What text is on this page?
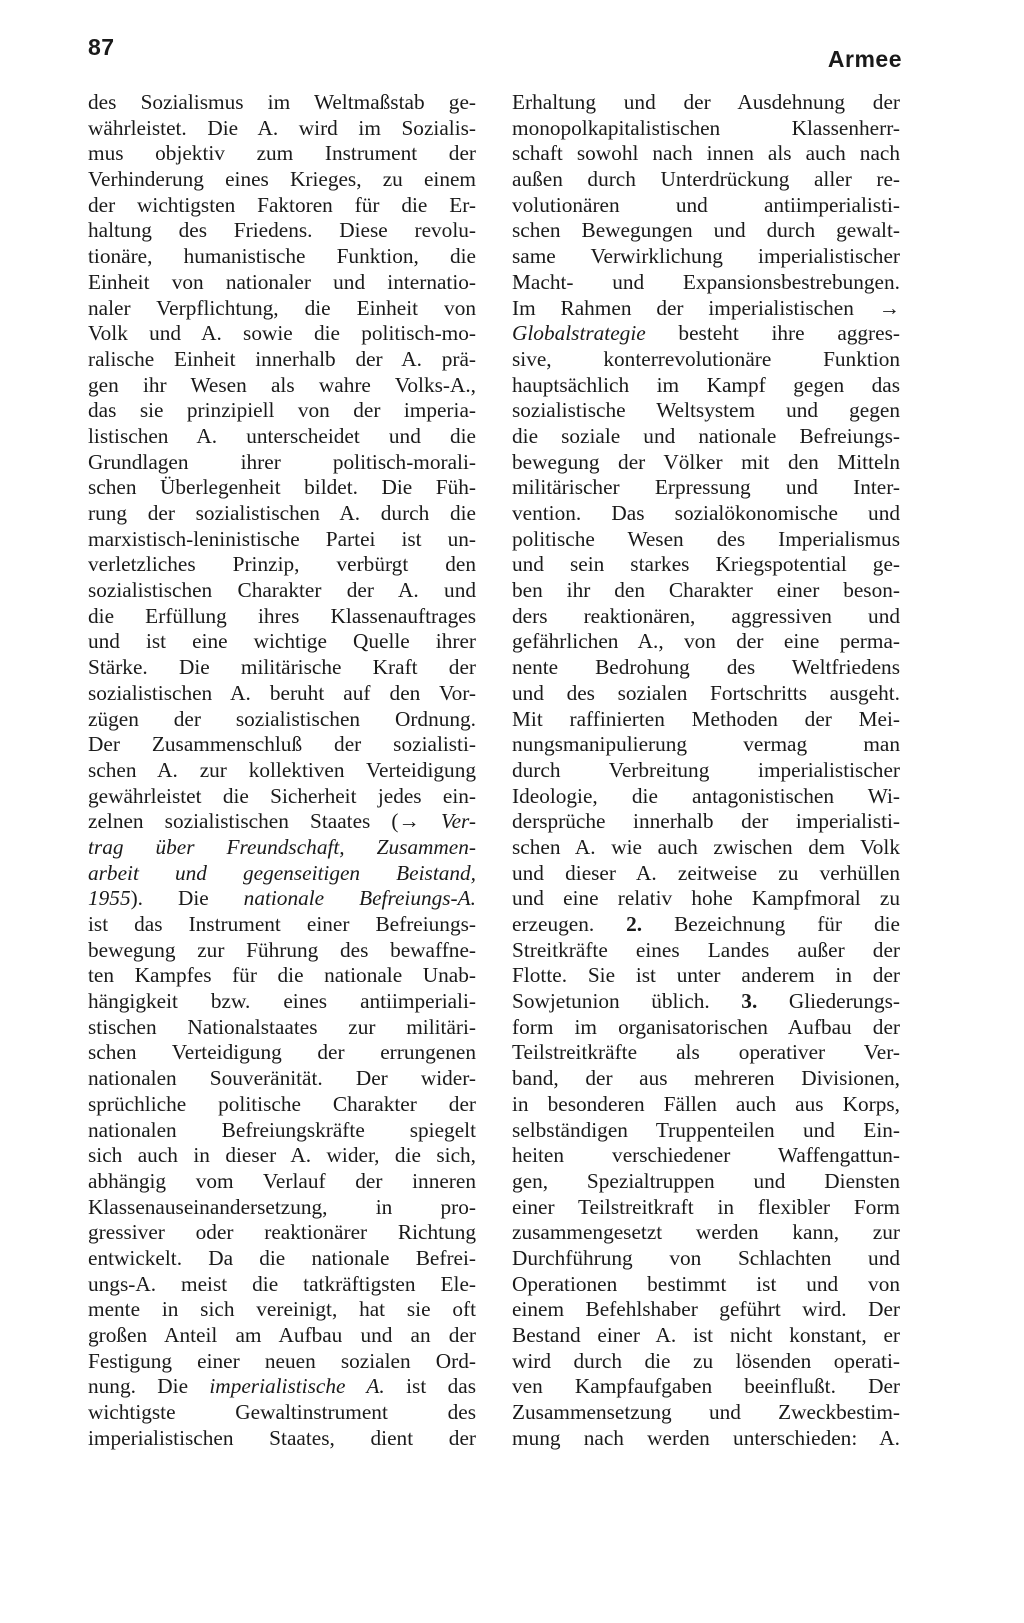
87	Armee
des Sozialismus im Weltmaßstab ge-
währleistet. Die A. wird im Sozialis-
mus objektiv zum Instrument der
Verhinderung eines Krieges, zu einem
der wichtigsten Faktoren für die Er-
haltung des Friedens. Diese revolu-
tionäre, humanistische Funktion, die
Einheit von nationaler und internatio-
naler Verpflichtung, die Einheit von
Volk und A. sowie die politisch-mo-
ralische Einheit innerhalb der A. prä-
gen ihr Wesen als wahre Volks-A.,
das sie prinzipiell von der imperia-
listischen A. unterscheidet und die
Grundlagen ihrer politisch-morali-
schen Überlegenheit bildet. Die Füh-
rung der sozialistischen A. durch die
marxistisch-leninistische Partei ist un-
verletzliches Prinzip, verbürgt den
sozialistischen Charakter der A. und
die Erfüllung ihres Klassenauftrages
und ist eine wichtige Quelle ihrer
Stärke. Die militärische Kraft der
sozialistischen A. beruht auf den Vor-
zügen der sozialistischen Ordnung.
Der Zusammenschluß der sozialisti-
schen A. zur kollektiven Verteidigung
gewährleistet die Sicherheit jedes ein-
zelnen sozialistischen Staates (→ Ver-
trag über Freundschaft, Zusammen-
arbeit und gegenseitigen Beistand,
1955). Die nationale Befreiungs-A.
ist das Instrument einer Befreiungs-
bewegung zur Führung des bewaffne-
ten Kampfes für die nationale Unab-
hängigkeit bzw. eines antiimperiali-
stischen Nationalstaates zur militäri-
schen Verteidigung der errungenen
nationalen Souveränität. Der wider-
sprüchliche politische Charakter der
nationalen Befreiungskräfte spiegelt
sich auch in dieser A. wider, die sich,
abhängig vom Verlauf der inneren
Klassenauseinandersetzung, in pro-
gressiver oder reaktionärer Richtung
entwickelt. Da die nationale Befrei-
ungs-A. meist die tatkräftigsten Ele-
mente in sich vereinigt, hat sie oft
großen Anteil am Aufbau und an der
Festigung einer neuen sozialen Ord-
nung. Die imperialistische A. ist das
wichtigste Gewaltinstrument des
imperialistischen Staates, dient der
Erhaltung und der Ausdehnung der
monopolkapitalistischen Klassenherr-
schaft sowohl nach innen als auch nach
außen durch Unterdrückung aller re-
volutionären und antiimperialisti-
schen Bewegungen und durch gewalt-
same Verwirklichung imperialistischer
Macht- und Expansionsbestrebungen.
Im Rahmen der imperialistischen →
Globalstrategie besteht ihre aggres-
sive, konterrevolutionäre Funktion
hauptsächlich im Kampf gegen das
sozialistische Weltsystem und gegen
die soziale und nationale Befreiungs-
bewegung der Völker mit den Mitteln
militärischer Erpressung und Inter-
vention. Das sozialökonomische und
politische Wesen des Imperialismus
und sein starkes Kriegspotential ge-
ben ihr den Charakter einer beson-
ders reaktionären, aggressiven und
gefährlichen A., von der eine perma-
nente Bedrohung des Weltfriedens
und des sozialen Fortschritts ausgeht.
Mit raffinierten Methoden der Mei-
nungsmanipulierung vermag man
durch Verbreitung imperialistischer
Ideologie, die antagonistischen Wi-
dersprüche innerhalb der imperialisti-
schen A. wie auch zwischen dem Volk
und dieser A. zeitweise zu verhüllen
und eine relativ hohe Kampfmoral zu
erzeugen. 2. Bezeichnung für die
Streitkräfte eines Landes außer der
Flotte. Sie ist unter anderem in der
Sowjetunion üblich. 3. Gliederungs-
form im organisatorischen Aufbau der
Teilstreitkräfte als operativer Ver-
band, der aus mehreren Divisionen,
in besonderen Fällen auch aus Korps,
selbständigen Truppenteilen und Ein-
heiten verschiedener Waffengattun-
gen, Spezialtruppen und Diensten
einer Teilstreitkraft in flexibler Form
zusammengesetzt werden kann, zur
Durchführung von Schlachten und
Operationen bestimmt ist und von
einem Befehlshaber geführt wird. Der
Bestand einer A. ist nicht konstant, er
wird durch die zu lösenden operati-
ven Kampfaufgaben beeinflußt. Der
Zusammensetzung und Zweckbestim-
mung nach werden unterschieden: A.
